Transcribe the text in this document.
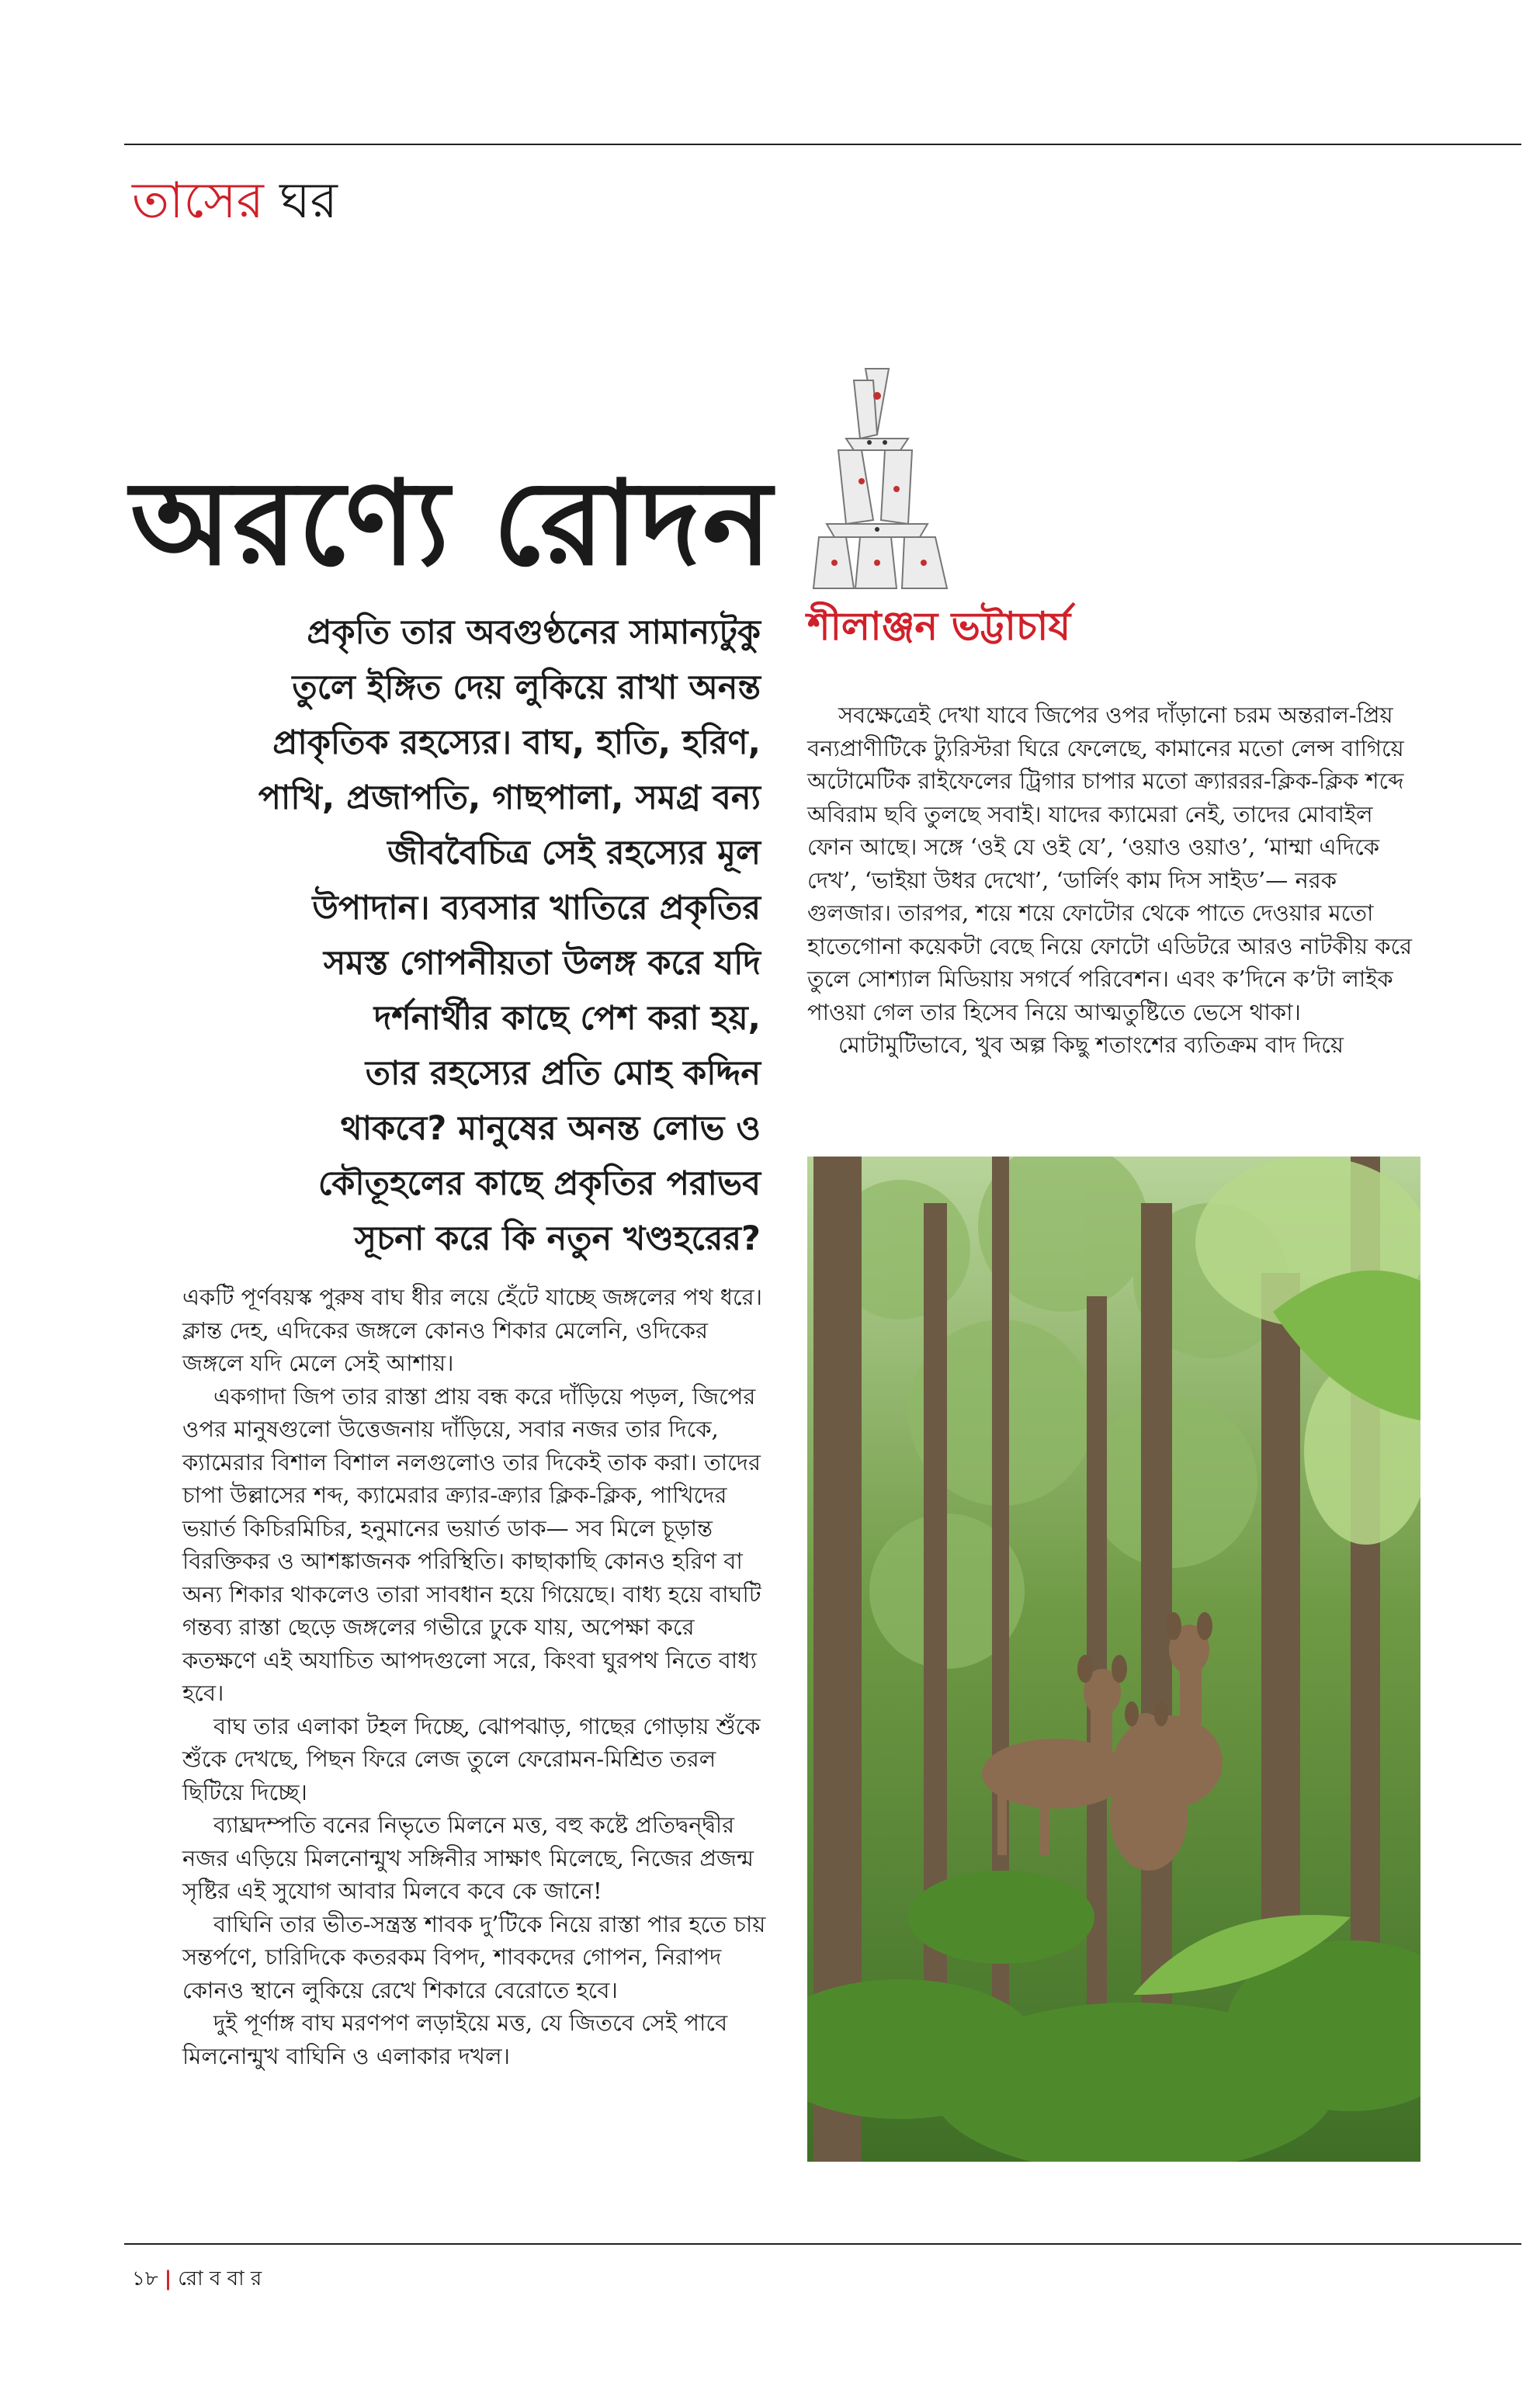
তাসের ঘর
অরণ্যে রোদন
শীলাঞ্জন ভট্টাচার্য
প্রকৃতি তার অবগুণ্ঠনের সামান্যটুকু
তুলে ইঙ্গিত দেয় লুকিয়ে রাখা অনন্ত
প্রাকৃতিক রহস্যের। বাঘ, হাতি, হরিণ,
পাখি, প্রজাপতি, গাছপালা, সমগ্র বন্য
জীববৈচিত্র সেই রহস্যের মূল
উপাদান। ব্যবসার খাতিরে প্রকৃতির
সমস্ত গোপনীয়তা উলঙ্গ করে যদি
দর্শনার্থীর কাছে পেশ করা হয়,
তার রহস্যের প্রতি মোহ কদ্দিন
থাকবে? মানুষের অনন্ত লোভ ও
কৌতূহলের কাছে প্রকৃতির পরাভব
সূচনা করে কি নতুন খণ্ডহরের?

সবক্ষেত্রেই দেখা যাবে জিপের ওপর দাঁড়ানো চরম অন্তরাল-প্রিয় বন্যপ্রাণীটিকে ট্যুরিস্টরা ঘিরে ফেলেছে, কামানের মতো লেন্স বাগিয়ে অটোমেটিক রাইফেলের ট্রিগার চাপার মতো ক্র্যাররর-ক্লিক-ক্লিক শব্দে অবিরাম ছবি তুলছে সবাই। যাদের ক্যামেরা নেই, তাদের মোবাইল ফোন আছে। সঙ্গে ‘ওই যে ওই যে’, ‘ওয়াও ওয়াও’, ‘মাম্মা এদিকে দেখ’, ‘ভাইয়া উধর দেখো’, ‘ডার্লিং কাম দিস সাইড’— নরক গুলজার। তারপর, শয়ে শয়ে ফোটোর থেকে পাতে দেওয়ার মতো হাতেগোনা কয়েকটা বেছে নিয়ে ফোটো এডিটরে আরও নাটকীয় করে তুলে সোশ্যাল মিডিয়ায় সগর্বে পরিবেশন। এবং ক’দিনে ক’টা লাইক পাওয়া গেল তার হিসেব নিয়ে আত্মতুষ্টিতে ভেসে থাকা।

মোটামুটিভাবে, খুব অল্প কিছু শতাংশের ব্যতিক্রম বাদ দিয়ে

একটি পূর্ণবয়স্ক পুরুষ বাঘ ধীর লয়ে হেঁটে যাচ্ছে জঙ্গলের পথ ধরে। ক্লান্ত দেহ, এদিকের জঙ্গলে কোনও শিকার মেলেনি, ওদিকের জঙ্গলে যদি মেলে সেই আশায়।

একগাদা জিপ তার রাস্তা প্রায় বন্ধ করে দাঁড়িয়ে পড়ল, জিপের ওপর মানুষগুলো উত্তেজনায় দাঁড়িয়ে, সবার নজর তার দিকে, ক্যামেরার বিশাল বিশাল নলগুলোও তার দিকেই তাক করা। তাদের চাপা উল্লাসের শব্দ, ক্যামেরার ক্র্যার-ক্র্যার ক্লিক-ক্লিক, পাখিদের ভয়ার্ত কিচিরমিচির, হনুমানের ভয়ার্ত ডাক— সব মিলে চূড়ান্ত বিরক্তিকর ও আশঙ্কাজনক পরিস্থিতি। কাছাকাছি কোনও হরিণ বা অন্য শিকার থাকলেও তারা সাবধান হয়ে গিয়েছে। বাধ্য হয়ে বাঘটি গন্তব্য রাস্তা ছেড়ে জঙ্গলের গভীরে ঢুকে যায়, অপেক্ষা করে কতক্ষণে এই অযাচিত আপদগুলো সরে, কিংবা ঘুরপথ নিতে বাধ্য হবে।

বাঘ তার এলাকা টহল দিচ্ছে, ঝোপঝাড়, গাছের গোড়ায় শুঁকে শুঁকে দেখছে, পিছন ফিরে লেজ তুলে ফেরোমন-মিশ্রিত তরল ছিটিয়ে দিচ্ছে।

ব্যাঘ্রদম্পতি বনের নিভৃতে মিলনে মত্ত, বহু কষ্টে প্রতিদ্বন্দ্বীর নজর এড়িয়ে মিলনোন্মুখ সঙ্গিনীর সাক্ষাৎ মিলেছে, নিজের প্রজন্ম সৃষ্টির এই সুযোগ আবার মিলবে কবে কে জানে!

বাঘিনি তার ভীত-সন্ত্রস্ত শাবক দু’টিকে নিয়ে রাস্তা পার হতে চায় সন্তর্পণে, চারিদিকে কতরকম বিপদ, শাবকদের গোপন, নিরাপদ কোনও স্থানে লুকিয়ে রেখে শিকারে বেরোতে হবে।

দুই পূর্ণাঙ্গ বাঘ মরণপণ লড়াইয়ে মত্ত, যে জিতবে সেই পাবে মিলনোন্মুখ বাঘিনি ও এলাকার দখল।

১৮ | রো ব বা র
